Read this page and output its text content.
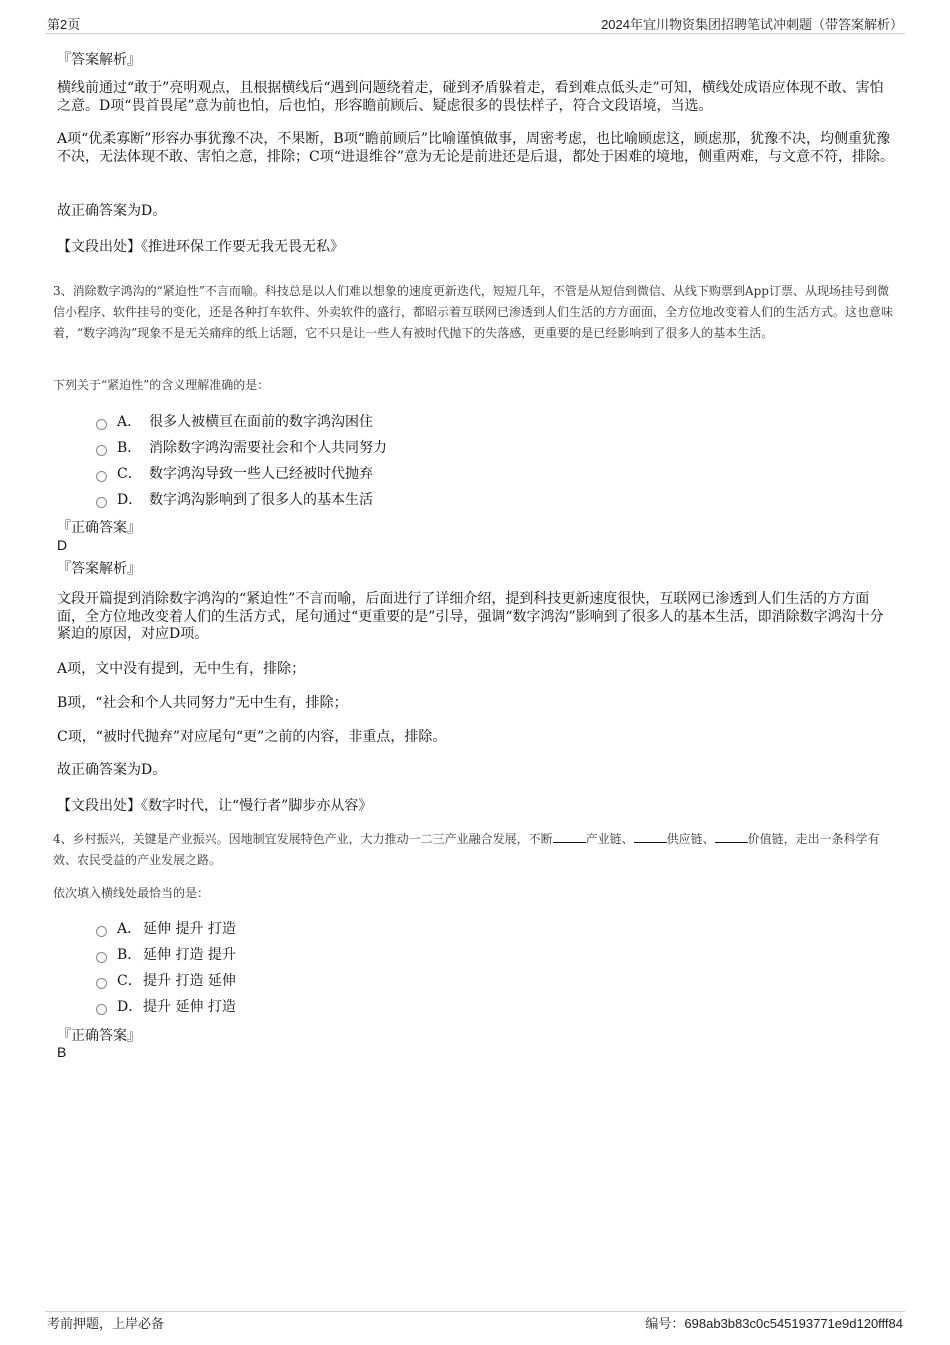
第2页	2024年宜川物资集团招聘笔试冲刺题（带答案解析）

『答案解析』

横线前通过“敢于”亮明观点，且根据横线后“遇到问题绕着走，碰到矛盾躲着走，看到难点低头走”可知，横线处成语应体现不敢、害怕之意。D项“畏首畏尾”意为前也怕，后也怕，形容瞻前顾后、疑虑很多的畏怯样子，符合文段语境，当选。

A项“优柔寡断”形容办事犹豫不决，不果断，B项“瞻前顾后”比喻谨慎做事，周密考虑，也比喻顾虑这，顾虑那，犹豫不决，均侧重犹豫不决，无法体现不敢、害怕之意，排除；C项“进退维谷”意为无论是前进还是后退，都处于困难的境地，侧重两难，与文意不符，排除。

故正确答案为D。

【文段出处】《推进环保工作要无我无畏无私》

3、消除数字鸿沟的“紧迫性”不言而喻。科技总是以人们难以想象的速度更新迭代，短短几年，不管是从短信到微信、从线下购票到App订票、从现场挂号到微信小程序、软件挂号的变化，还是各种打车软件、外卖软件的盛行，都昭示着互联网已渗透到人们生活的方方面面，全方位地改变着人们的生活方式。这也意味着，“数字鸿沟”现象不是无关痛痒的纸上话题，它不只是让一些人有被时代抛下的失落感，更重要的是已经影响到了很多人的基本生活。

下列关于“紧迫性”的含义理解准确的是：

A． 很多人被横亘在面前的数字鸿沟困住
B． 消除数字鸿沟需要社会和个人共同努力
C． 数字鸿沟导致一些人已经被时代抛弃
D． 数字鸿沟影响到了很多人的基本生活

『正确答案』

D

『答案解析』

文段开篇提到消除数字鸿沟的“紧迫性”不言而喻，后面进行了详细介绍，提到科技更新速度很快，互联网已渗透到人们生活的方方面面，全方位地改变着人们的生活方式，尾句通过“更重要的是”引导，强调“数字鸿沟”影响到了很多人的基本生活，即消除数字鸿沟十分紧迫的原因，对应D项。

A项，文中没有提到，无中生有，排除；

B项，“社会和个人共同努力”无中生有，排除；

C项，“被时代抛弃”对应尾句“更”之前的内容，非重点，排除。

故正确答案为D。

【文段出处】《数字时代，让“慢行者”脚步亦从容》

4、乡村振兴，关键是产业振兴。因地制宜发展特色产业，大力推动一二三产业融合发展，不断	产业链、	供应链、	价值链，走出一条科学有效、农民受益的产业发展之路。

依次填入横线处最恰当的是：

A． 延伸 提升 打造
B． 延伸 打造 提升
C． 提升 打造 延伸
D． 提升 延伸 打造

『正确答案』

B

考前押题，上岸必备	编号：698ab3b83c0c545193771e9d120fff84
